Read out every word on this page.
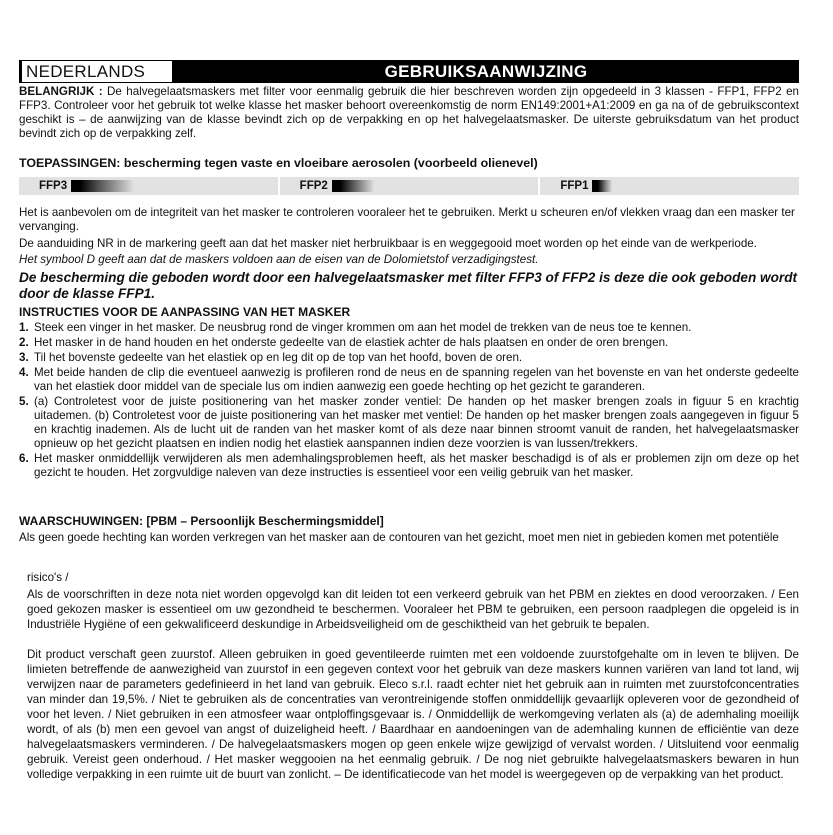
NEDERLANDS	GEBRUIKSAANWIJZING
BELANGRIJK : De halvegelaatsmaskers met filter voor eenmalig gebruik die hier beschreven worden zijn opgedeeld in 3 klassen - FFP1, FFP2 en FFP3. Controleer voor het gebruik tot welke klasse het masker behoort overeenkomstig de norm EN149:2001+A1:2009 en ga na of de gebruikscontext geschikt is – de aanwijzing van de klasse bevindt zich op de verpakking en op het halvegelaatsmasker. De uiterste gebruiksdatum van het product bevindt zich op de verpakking zelf.
TOEPASSINGEN: bescherming tegen vaste en vloeibare aerosolen (voorbeeld olienevel)
FFP3	FFP2	FFP1
Het is aanbevolen om de integriteit van het masker te controleren vooraleer het te gebruiken. Merkt u scheuren en/of vlekken vraag dan een masker ter vervanging.
De aanduiding NR in de markering geeft aan dat het masker niet herbruikbaar is en weggegooid moet worden op het einde van de werkperiode.
Het symbool D geeft aan dat de maskers voldoen aan de eisen van de Dolomietstof verzadigingstest.
De bescherming die geboden wordt door een halvegelaatsmasker met filter FFP3 of FFP2 is deze die ook geboden wordt door de klasse FFP1.
INSTRUCTIES VOOR DE AANPASSING VAN HET MASKER
1. Steek een vinger in het masker. De neusbrug rond de vinger krommen om aan het model de trekken van de neus toe te kennen.
2. Het masker in de hand houden en het onderste gedeelte van de elastiek achter de hals plaatsen en onder de oren brengen.
3. Til het bovenste gedeelte van het elastiek op en leg dit op de top van het hoofd, boven de oren.
4. Met beide handen de clip die eventueel aanwezig is profileren rond de neus en de spanning regelen van het bovenste en van het onderste gedeelte van het elastiek door middel van de speciale lus om indien aanwezig een goede hechting op het gezicht te garanderen.
5. (a) Controletest voor de juiste positionering van het masker zonder ventiel: De handen op het masker brengen zoals in figuur 5 en krachtig uitademen. (b) Controletest voor de juiste positionering van het masker met ventiel: De handen op het masker brengen zoals aangegeven in figuur 5 en krachtig inademen. Als de lucht uit de randen van het masker komt of als deze naar binnen stroomt vanuit de randen, het halvegelaatsmasker opnieuw op het gezicht plaatsen en indien nodig het elastiek aanspannen indien deze voorzien is van lussen/trekkers.
6. Het masker onmiddellijk verwijderen als men ademhalingsproblemen heeft, als het masker beschadigd is of als er problemen zijn om deze op het gezicht te houden. Het zorgvuldige naleven van deze instructies is essentieel voor een veilig gebruik van het masker.
WAARSCHUWINGEN: [PBM – Persoonlijk Beschermingsmiddel]
Als geen goede hechting kan worden verkregen van het masker aan de contouren van het gezicht, moet men niet in gebieden komen met potentiële
risico's /
Als de voorschriften in deze nota niet worden opgevolgd kan dit leiden tot een verkeerd gebruik van het PBM en ziektes en dood veroorzaken. / Een goed gekozen masker is essentieel om uw gezondheid te beschermen. Vooraleer het PBM te gebruiken, een persoon raadplegen die opgeleid is in Industriële Hygiëne of een gekwalificeerd deskundige in Arbeidsveiligheid om de geschiktheid van het gebruik te bepalen.
Dit product verschaft geen zuurstof. Alleen gebruiken in goed geventileerde ruimten met een voldoende zuurstofgehalte om in leven te blijven. De limieten betreffende de aanwezigheid van zuurstof in een gegeven context voor het gebruik van deze maskers kunnen variëren van land tot land, wij verwijzen naar de parameters gedefinieerd in het land van gebruik. Eleco s.r.l. raadt echter niet het gebruik aan in ruimten met zuurstofconcentraties van minder dan 19,5%. / Niet te gebruiken als de concentraties van verontreinigende stoffen onmiddellijk gevaarlijk opleveren voor de gezondheid of voor het leven. / Niet gebruiken in een atmosfeer waar ontploffingsgevaar is. / Onmiddellijk de werkomgeving verlaten als (a) de ademhaling moeilijk wordt, of als (b) men een gevoel van angst of duizeligheid heeft. / Baardhaar en aandoeningen van de ademhaling kunnen de efficiëntie van deze halvegelaatsmaskers verminderen. / De halvegelaatsmaskers mogen op geen enkele wijze gewijzigd of vervalst worden. / Uitsluitend voor eenmalig gebruik. Vereist geen onderhoud. / Het masker weggooien na het eenmalig gebruik. / De nog niet gebruikte halvegelaatsmaskers bewaren in hun volledige verpakking in een ruimte uit de buurt van zonlicht. – De identificatiecode van het model is weergegeven op de verpakking van het product.
